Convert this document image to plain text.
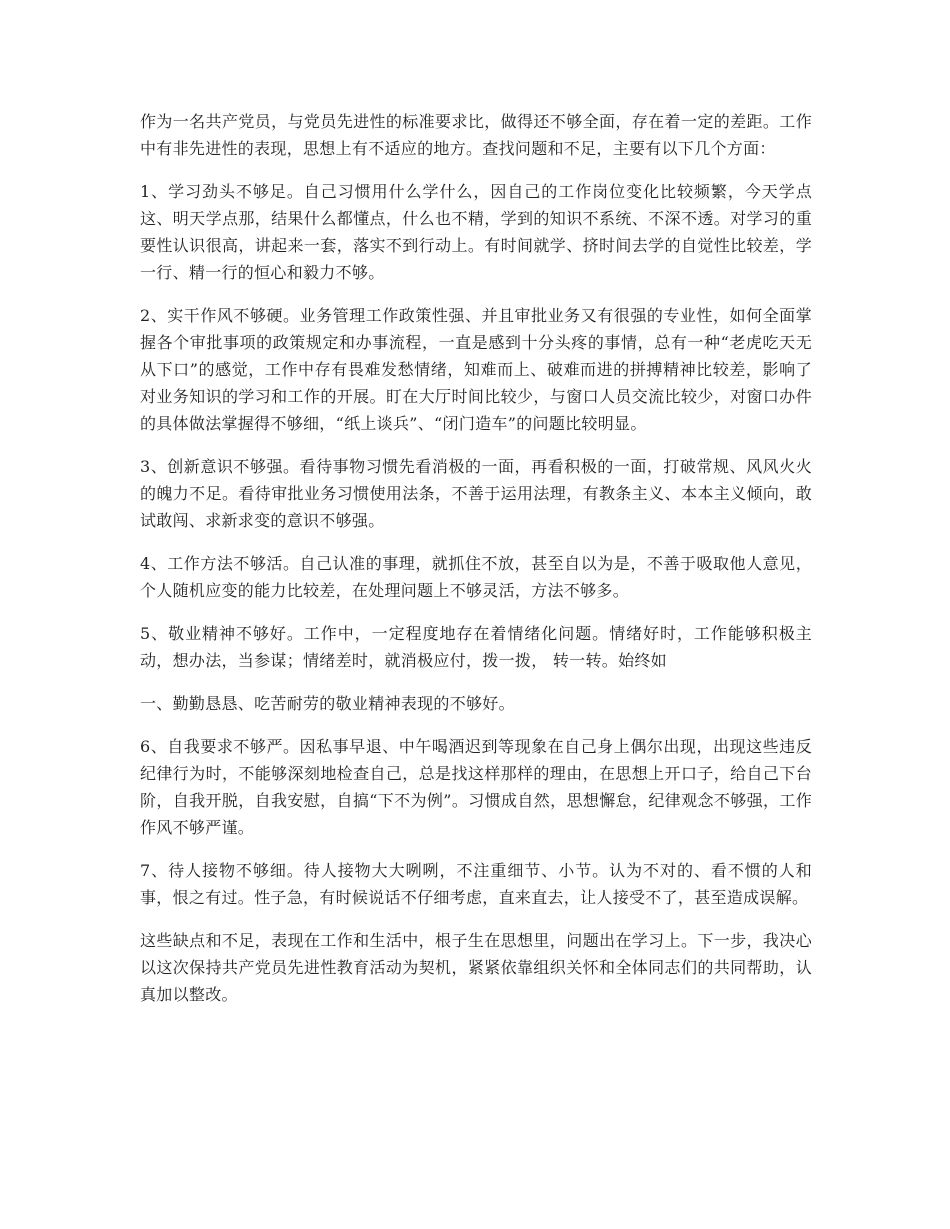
作为一名共产党员，与党员先进性的标准要求比，做得还不够全面，存在着一定的差距。工作中有非先进性的表现，思想上有不适应的地方。查找问题和不足，主要有以下几个方面：

1、学习劲头不够足。自己习惯用什么学什么，因自己的工作岗位变化比较频繁，今天学点这、明天学点那，结果什么都懂点，什么也不精，学到的知识不系统、不深不透。对学习的重要性认识很高，讲起来一套，落实不到行动上。有时间就学、挤时间去学的自觉性比较差，学一行、精一行的恒心和毅力不够。

2、实干作风不够硬。业务管理工作政策性强、并且审批业务又有很强的专业性，如何全面掌握各个审批事项的政策规定和办事流程，一直是感到十分头疼的事情，总有一种“老虎吃天无从下口”的感觉，工作中存有畏难发愁情绪，知难而上、破难而进的拼搏精神比较差，影响了对业务知识的学习和工作的开展。盯在大厅时间比较少，与窗口人员交流比较少，对窗口办件的具体做法掌握得不够细，“纸上谈兵”、“闭门造车”的问题比较明显。

3、创新意识不够强。看待事物习惯先看消极的一面，再看积极的一面，打破常规、风风火火的魄力不足。看待审批业务习惯使用法条，不善于运用法理，有教条主义、本本主义倾向，敢试敢闯、求新求变的意识不够强。

4、工作方法不够活。自己认准的事理，就抓住不放，甚至自以为是，不善于吸取他人意见，个人随机应变的能力比较差，在处理问题上不够灵活，方法不够多。

5、敬业精神不够好。工作中，一定程度地存在着情绪化问题。情绪好时，工作能够积极主动，想办法，当参谋；情绪差时，就消极应付，拨一拨， 转一转。始终如

一、勤勤恳恳、吃苦耐劳的敬业精神表现的不够好。

6、自我要求不够严。因私事早退、中午喝酒迟到等现象在自己身上偶尔出现，出现这些违反纪律行为时，不能够深刻地检查自己，总是找这样那样的理由，在思想上开口子，给自己下台阶，自我开脱，自我安慰，自搞“下不为例”。习惯成自然，思想懈怠，纪律观念不够强，工作作风不够严谨。

7、待人接物不够细。待人接物大大咧咧，不注重细节、小节。认为不对的、看不惯的人和事，恨之有过。性子急，有时候说话不仔细考虑，直来直去，让人接受不了，甚至造成误解。

这些缺点和不足，表现在工作和生活中，根子生在思想里，问题出在学习上。下一步，我决心以这次保持共产党员先进性教育活动为契机，紧紧依靠组织关怀和全体同志们的共同帮助，认真加以整改。
